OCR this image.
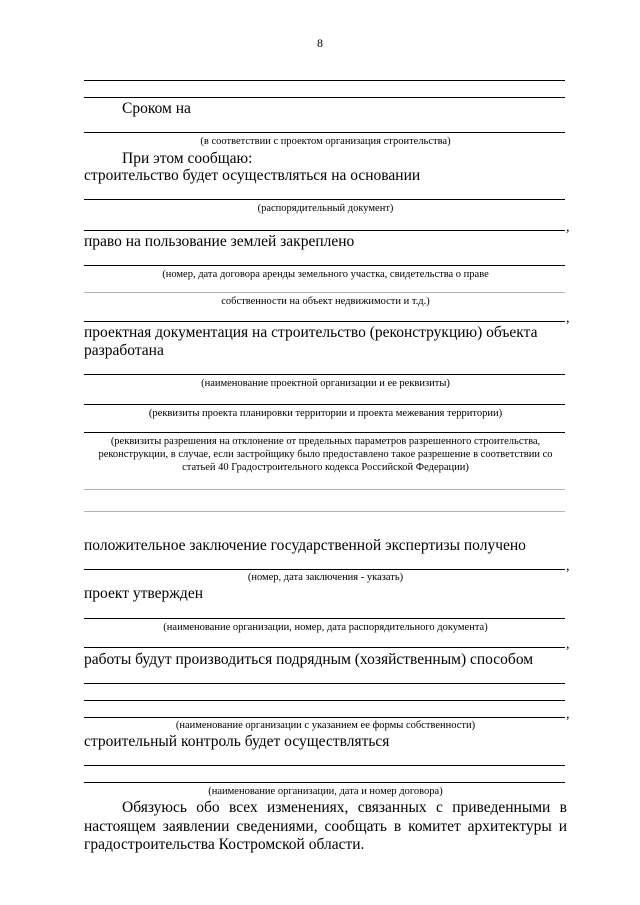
8
Сроком на
(в соответствии с проектом организация строительства)
При этом сообщаю:
строительство будет осуществляться на основании
(распорядительный документ)
,
право на пользование землей закреплено
(номер, дата договора аренды земельного участка, свидетельства о праве
собственности на объект недвижимости и т.д.)
,
проектная документация на строительство (реконструкцию) объекта
разработана
(наименование проектной организации и ее реквизиты)
(реквизиты проекта планировки территории и проекта межевания территории)
(реквизиты разрешения на отклонение от предельных параметров разрешенного строительства, реконструкции, в случае, если застройщику было предоставлено такое разрешение в соответствии со статьей 40 Градостроительного кодекса Российской Федерации)
положительное заключение государственной экспертизы получено
,
(номер, дата заключения - указать)
проект утвержден
(наименование организации, номер, дата распорядительного документа)
,
работы будут производиться подрядным (хозяйственным) способом
,
(наименование организации с указанием ее формы собственности)
строительный контроль будет осуществляться
(наименование организации, дата и номер договора)
Обязуюсь обо всех изменениях, связанных с приведенными в настоящем заявлении сведениями, сообщать в комитет архитектуры и градостроительства Костромской области.
